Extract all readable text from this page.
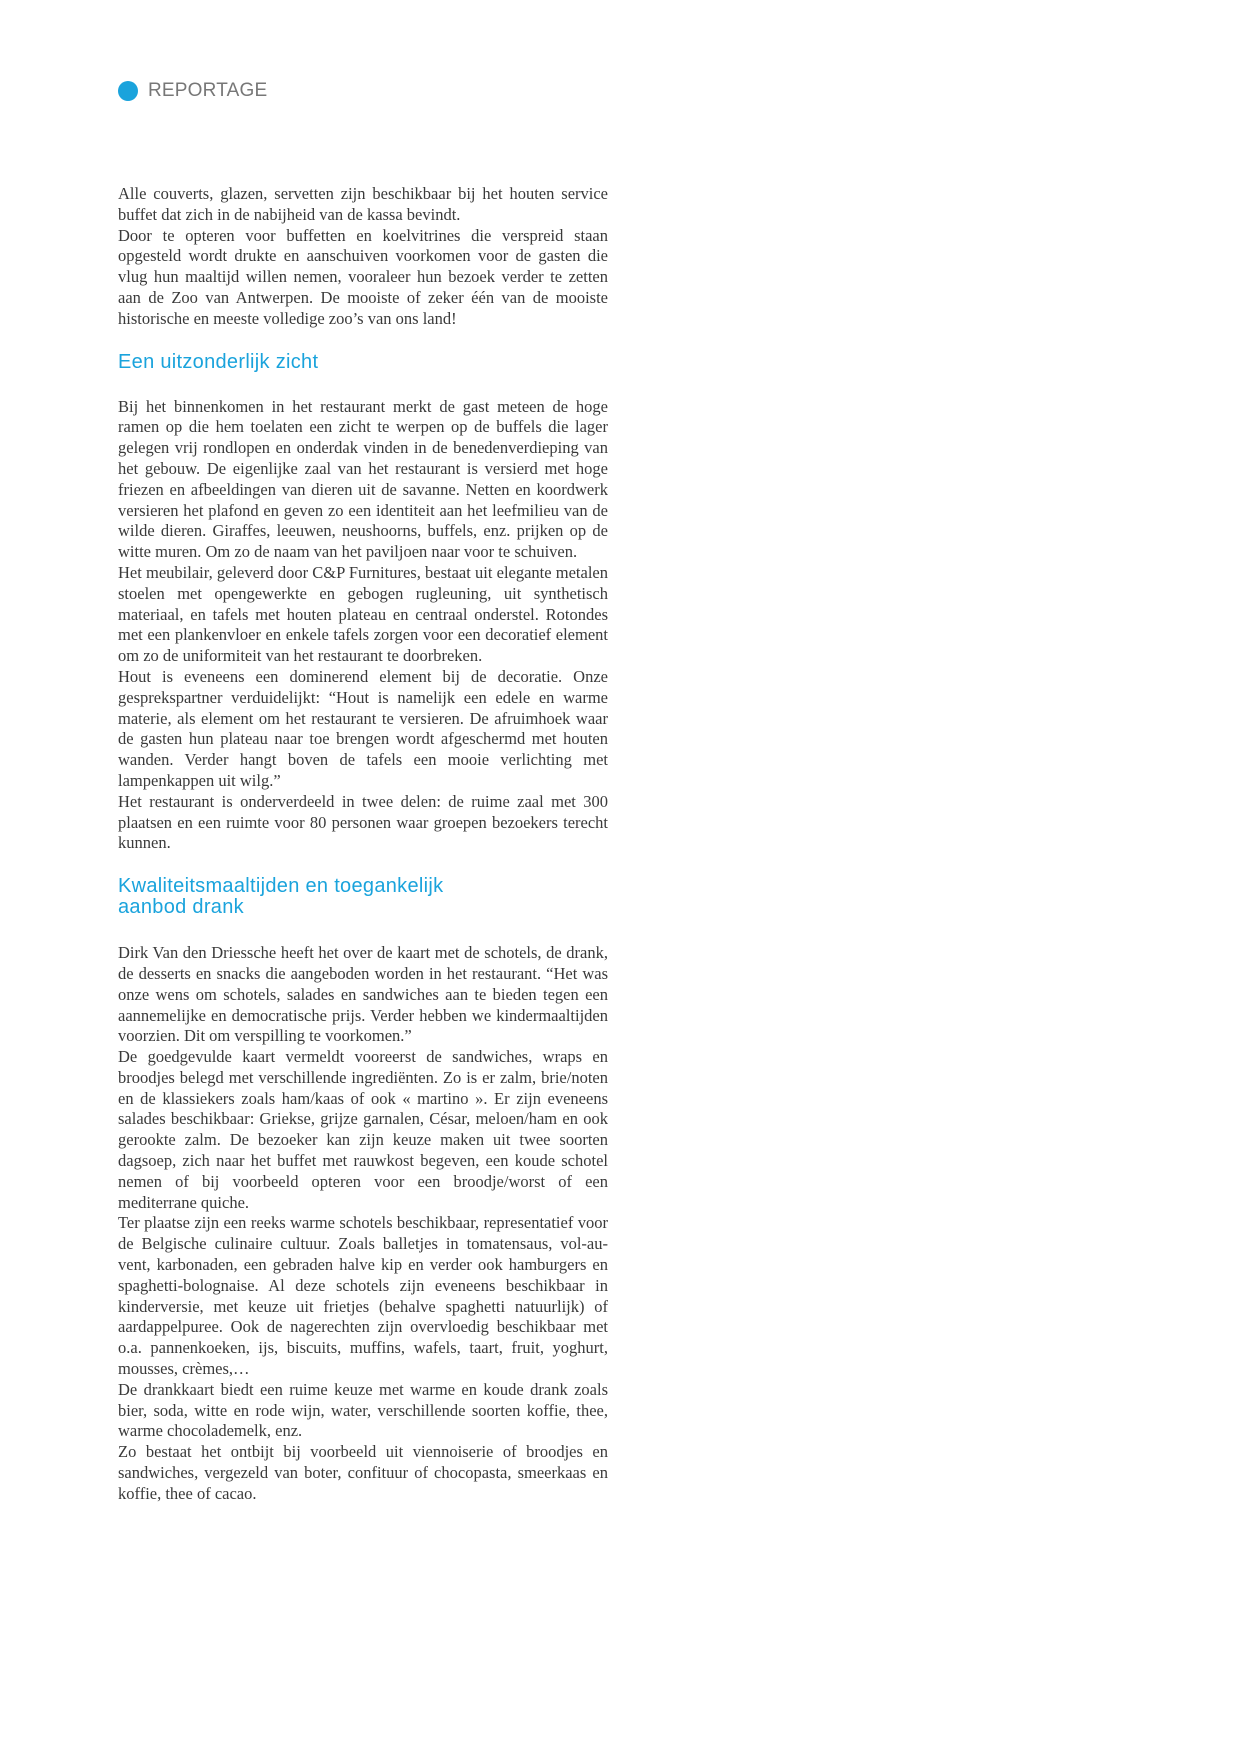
REPORTAGE

Alle couverts, glazen, servetten zijn beschikbaar bij het houten service buffet dat zich in de nabijheid van de kassa bevindt.

Door te opteren voor buffetten en koelvitrines die verspreid staan opgesteld wordt drukte en aanschuiven voorkomen voor de gasten die vlug hun maaltijd willen nemen, vooraleer hun bezoek verder te zetten aan de Zoo van Antwerpen. De mooiste of zeker één van de mooiste historische en meeste volledige zoo’s van ons land!

Een uitzonderlijk zicht

Bij het binnenkomen in het restaurant merkt de gast meteen de hoge ramen op die hem toelaten een zicht te werpen op de buffels die lager gelegen vrij rondlopen en onderdak vinden in de benedenverdieping van het gebouw. De eigenlijke zaal van het restaurant is versierd met hoge friezen en afbeeldingen van dieren uit de savanne. Netten en koordwerk versieren het plafond en geven zo een identiteit aan het leefmilieu van de wilde dieren. Giraffes, leeuwen, neushoorns, buffels, enz. prijken op de witte muren. Om zo de naam van het paviljoen naar voor te schuiven.

Het meubilair, geleverd door C&P Furnitures, bestaat uit elegante metalen stoelen met opengewerkte en gebogen rugleuning, uit synthetisch materiaal, en tafels met houten plateau en centraal onderstel. Rotondes met een plankenvloer en enkele tafels zorgen voor een decoratief element om zo de uniformiteit van het restaurant te doorbreken.

Hout is eveneens een dominerend element bij de decoratie. Onze gesprekspartner verduidelijkt: “Hout is namelijk een edele en warme materie, als element om het restaurant te versieren. De afruimhoek waar de gasten hun plateau naar toe brengen wordt afgeschermd met houten wanden. Verder hangt boven de tafels een mooie verlichting met lampenkappen uit wilg.”

Het restaurant is onderverdeeld in twee delen: de ruime zaal met 300 plaatsen en een ruimte voor 80 personen waar groepen bezoekers terecht kunnen.

Kwaliteitsmaaltijden en toegankelijk
aanbod drank

Dirk Van den Driessche heeft het over de kaart met de schotels, de drank, de desserts en snacks die aangeboden worden in het restaurant. “Het was onze wens om schotels, salades en sandwiches aan te bieden tegen een aannemelijke en democratische prijs. Verder hebben we kindermaaltijden voorzien. Dit om verspilling te voorkomen.”

De goedgevulde kaart vermeldt vooreerst de sandwiches, wraps en broodjes belegd met verschillende ingrediënten. Zo is er zalm, brie/noten en de klassiekers zoals ham/kaas of ook « martino ». Er zijn eveneens salades beschikbaar: Griekse, grijze garnalen, César, meloen/ham en ook gerookte zalm. De bezoeker kan zijn keuze maken uit twee soorten dagsoep, zich naar het buffet met rauwkost begeven, een koude schotel nemen of bij voorbeeld opteren voor een broodje/worst of een mediterrane quiche.

Ter plaatse zijn een reeks warme schotels beschikbaar, representatief voor de Belgische culinaire cultuur. Zoals balletjes in tomatensaus, vol-au-vent, karbonaden, een gebraden halve kip en verder ook hamburgers en spaghetti-bolognaise. Al deze schotels zijn eveneens beschikbaar in kinderversie, met keuze uit frietjes (behalve spaghetti natuurlijk) of aardappelpuree. Ook de nagerechten zijn overvloedig beschikbaar met o.a. pannenkoeken, ijs, biscuits, muffins, wafels, taart, fruit, yoghurt, mousses, crèmes,…

De drankkaart biedt een ruime keuze met warme en koude drank zoals bier, soda, witte en rode wijn, water, verschillende soorten koffie, thee, warme chocolademelk, enz.

Zo bestaat het ontbijt bij voorbeeld uit viennoiserie of broodjes en sandwiches, vergezeld van boter, confituur of chocopasta, smeerkaas en koffie, thee of cacao.
